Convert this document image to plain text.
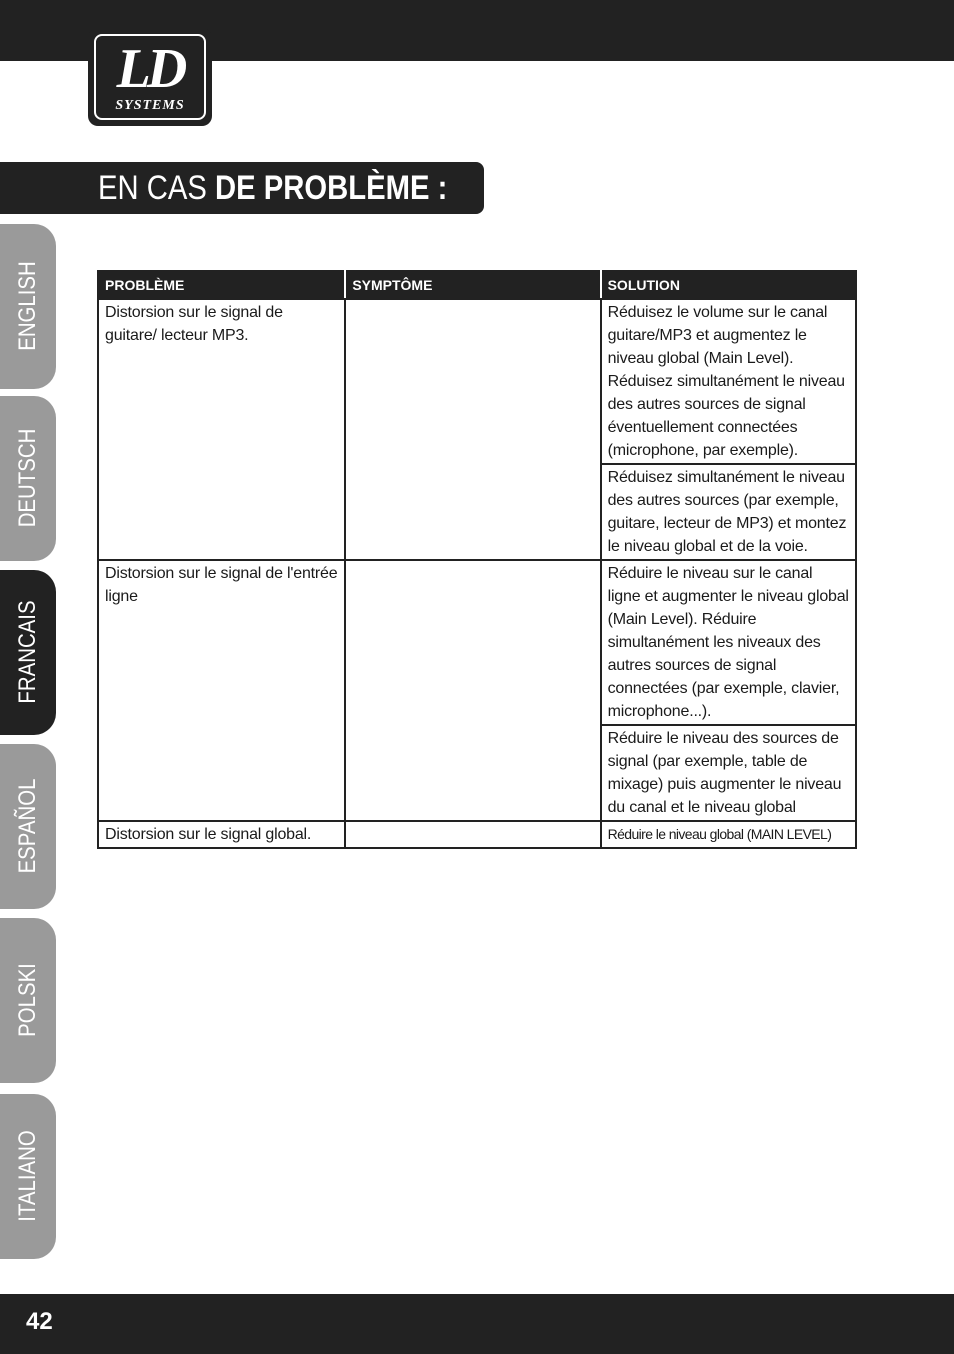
LD
SYSTEMS
EN CAS DE PROBLÈME :
ENGLISH
DEUTSCH
FRANCAIS
ESPAÑOL
POLSKI
ITALIANO
PROBLÈME	SYMPTÔME	SOLUTION

Distorsion sur le signal de guitare/ lecteur MP3.		Réduisez le volume sur le canal guitare/MP3 et augmentez le niveau global (Main Level). Réduisez simultanément le niveau des autres sources de signal éventuellement connectées (microphone, par exemple).

		Réduisez simultanément le niveau des autres sources (par exemple, guitare, lecteur de MP3) et montez le niveau global et de la voie.

Distorsion sur le signal de l'entrée ligne		Réduire le niveau sur le canal ligne et augmenter le niveau global (Main Level). Réduire simultanément les niveaux des autres sources de signal connectées (par exemple, clavier, microphone...).

		Réduire le niveau des sources de signal (par exemple, table de mixage) puis augmenter le niveau du canal et le niveau global

Distorsion sur le signal global.		Réduire le niveau global (MAIN LEVEL)
42
